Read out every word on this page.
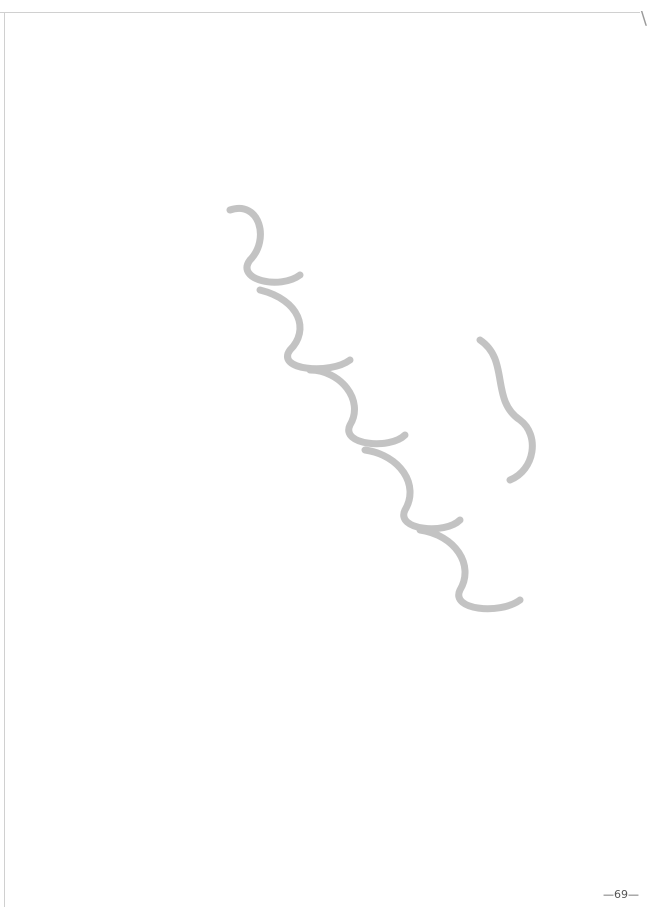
\
—69—
